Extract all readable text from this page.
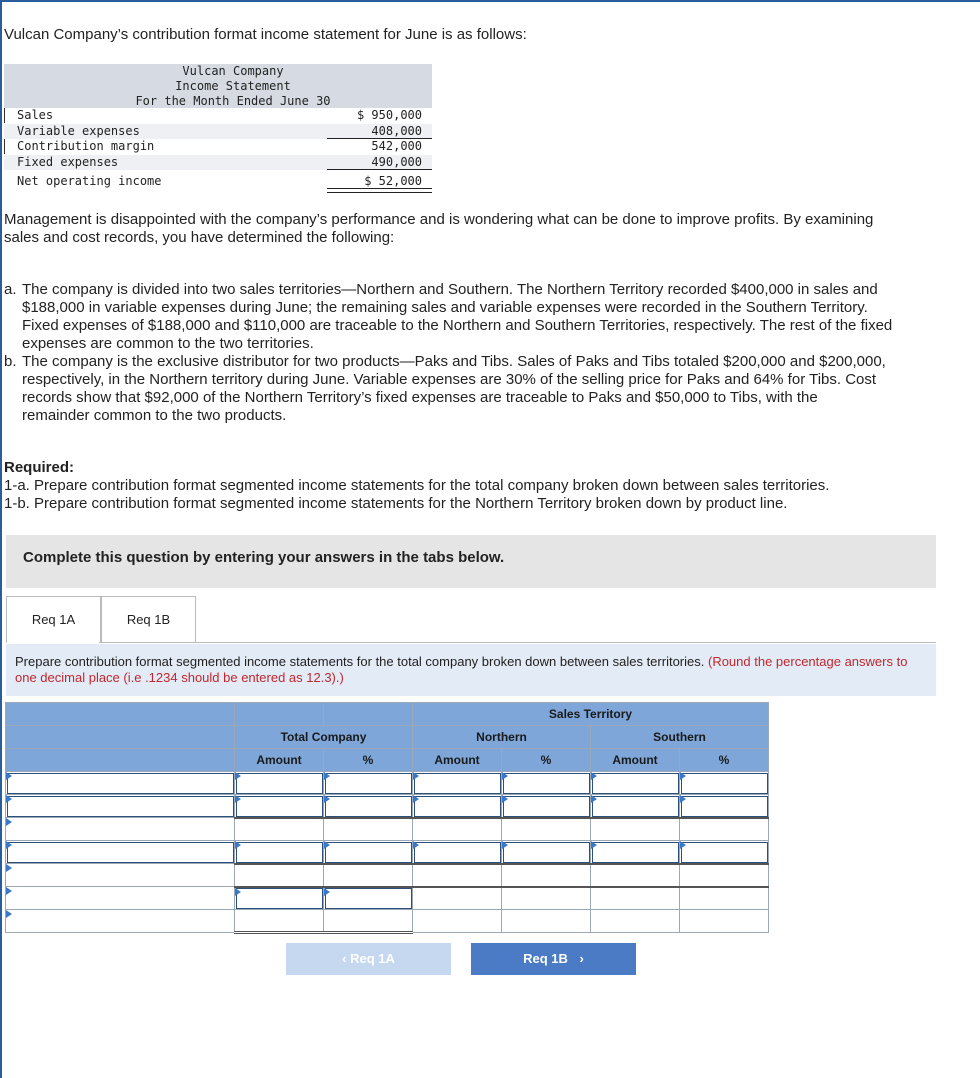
Vulcan Company’s contribution format income statement for June is as follows:
Vulcan Company
Income Statement
For the Month Ended June 30
Sales	$ 950,000
Variable expenses	408,000
Contribution margin	542,000
Fixed expenses	490,000
Net operating income	$ 52,000
Management is disappointed with the company’s performance and is wondering what can be done to improve profits. By examining
sales and cost records, you have determined the following:
a. The company is divided into two sales territories—Northern and Southern. The Northern Territory recorded $400,000 in sales and
$188,000 in variable expenses during June; the remaining sales and variable expenses were recorded in the Southern Territory.
Fixed expenses of $188,000 and $110,000 are traceable to the Northern and Southern Territories, respectively. The rest of the fixed
expenses are common to the two territories.
b. The company is the exclusive distributor for two products—Paks and Tibs. Sales of Paks and Tibs totaled $200,000 and $200,000,
respectively, in the Northern territory during June. Variable expenses are 30% of the selling price for Paks and 64% for Tibs. Cost
records show that $92,000 of the Northern Territory’s fixed expenses are traceable to Paks and $50,000 to Tibs, with the
remainder common to the two products.
Required:
1-a. Prepare contribution format segmented income statements for the total company broken down between sales territories.
1-b. Prepare contribution format segmented income statements for the Northern Territory broken down by product line.
Complete this question by entering your answers in the tabs below.
Req 1A	Req 1B
Prepare contribution format segmented income statements for the total company broken down between sales territories. (Round the percentage answers to one decimal place (i.e .1234 should be entered as 12.3).)
			Sales Territory			
	Total Company		Northern		Southern	
	Amount	%	Amount	%	Amount	%

‹ Req 1A	Req 1B ›
